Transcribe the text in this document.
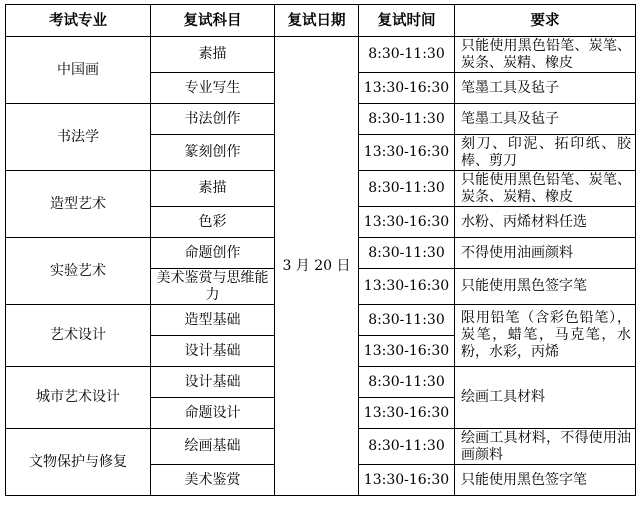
考试专业	复试科目	复试日期	复试时间	要求
中国画	素描	3 月 20 日	8:30-11:30	只能使用黑色铅笔、炭笔、炭条、炭精、橡皮
	专业写生		13:30-16:30	笔墨工具及毡子
书法学	书法创作		8:30-11:30	笔墨工具及毡子
	篆刻创作		13:30-16:30	刻刀、印泥、拓印纸、胶棒、剪刀
造型艺术	素描		8:30-11:30	只能使用黑色铅笔、炭笔、炭条、炭精、橡皮
	色彩		13:30-16:30	水粉、丙烯材料任选
实验艺术	命题创作		8:30-11:30	不得使用油画颜料
	美术鉴赏与思维能力		13:30-16:30	只能使用黑色签字笔
艺术设计	造型基础		8:30-11:30	限用铅笔（含彩色铅笔），炭笔，蜡笔，马克笔，水粉，水彩，丙烯
	设计基础		13:30-16:30	
城市艺术设计	设计基础		8:30-11:30	绘画工具材料
	命题设计		13:30-16:30	
文物保护与修复	绘画基础		8:30-11:30	绘画工具材料，不得使用油画颜料
	美术鉴赏		13:30-16:30	只能使用黑色签字笔
